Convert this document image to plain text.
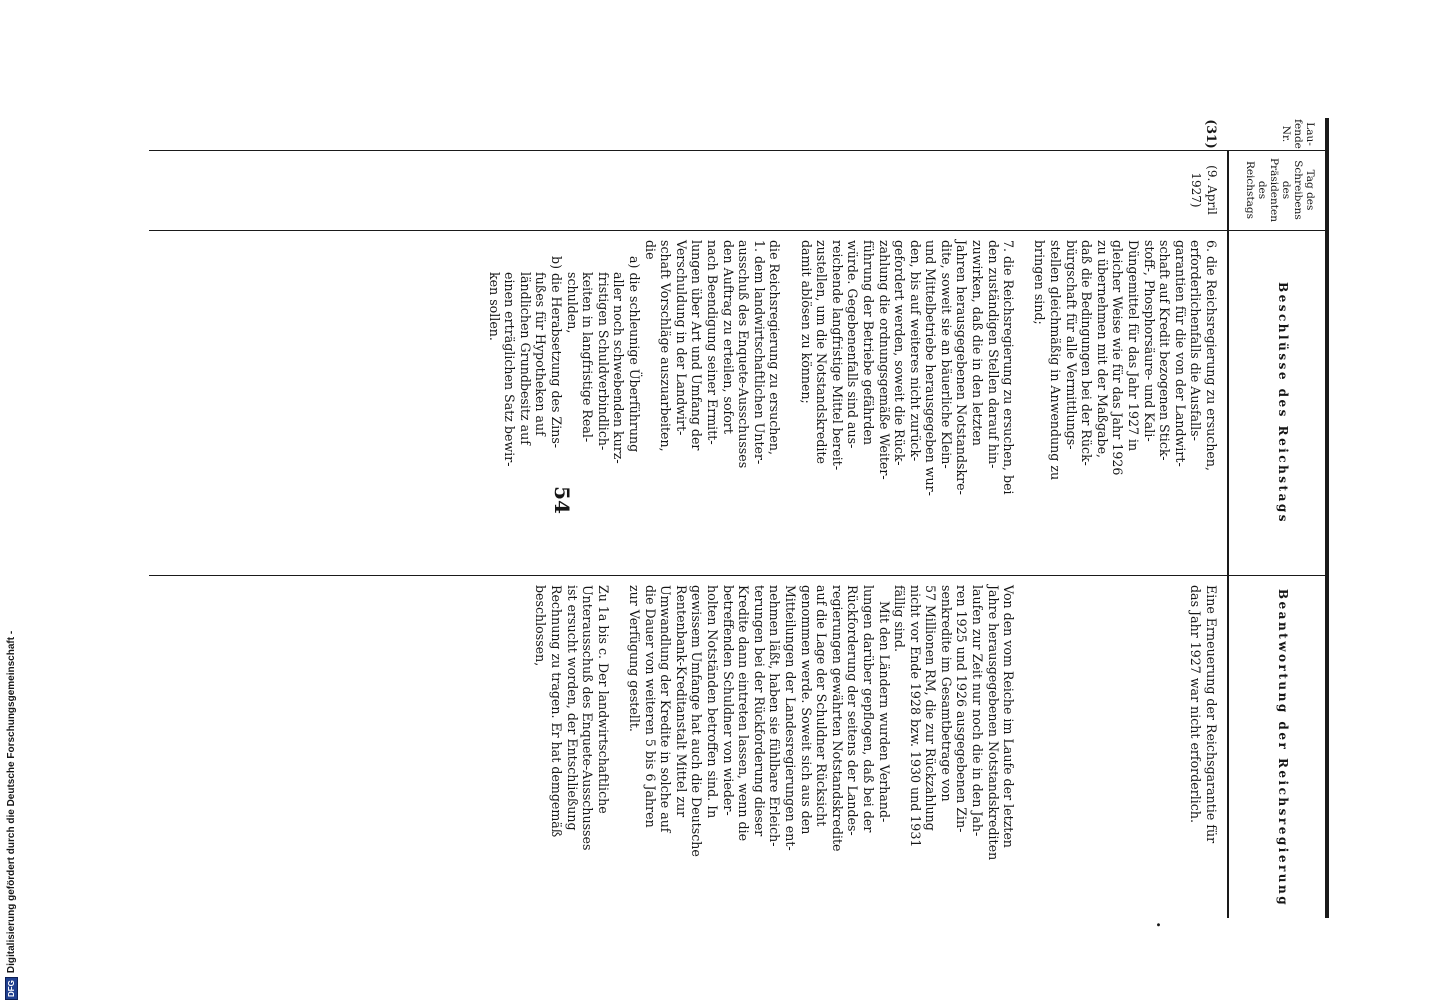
54
Lau-
fende
Nr.
Tag des
Schreibens
des
Präsidenten
des
Reichstags
Beschlüsse des Reichstags
Beantwortung der Reichsregierung
(31)
(9. April
1927)
6. die Reichsregierung zu ersuchen,
erforderlichenfalls die Ausfalls-
garantien für die von der Landwirt-
schaft auf Kredit bezogenen Stick-
stoff-, Phosphorsäure- und Kali-
Düngemittel für das Jahr 1927 in
gleicher Weise wie für das Jahr 1926
zu übernehmen mit der Maßgabe,
daß die Bedingungen bei der Rück-
bürgschaft für alle Vermittlungs-
stellen gleichmäßig in Anwendung zu
bringen sind;

7. die Reichsregierung zu ersuchen, bei
den zuständigen Stellen darauf hin-
zuwirken, daß die in den letzten
Jahren herausgegebenen Notstandskre-
dite, soweit sie an bäuerliche Klein-
und Mittelbetriebe herausgegeben wur-
den, bis auf weiteres nicht zurück-
gefordert werden, soweit die Rück-
zahlung die ordnungsgemäße Weiter-
führung der Betriebe gefährden
würde. Gegebenenfalls sind aus-
reichende langfristige Mittel bereit-
zustellen, um die Notstandskredite
damit ablösen zu können;

die Reichsregierung zu ersuchen,
1. dem landwirtschaftlichen Unter-
ausschuß des Enquete-Ausschusses
den Auftrag zu erteilen, sofort
nach Beendigung seiner Ermitt-
lungen über Art und Umfang der
Verschuldung in der Landwirt-
schaft Vorschläge auszuarbeiten,
die
a) die schleunige Überführung
aller noch schwebenden kurz-
fristigen Schuldverbindlich-
keiten in langfristige Real-
schulden,
b) die Herabsetzung des Zins-
fußes für Hypotheken auf
ländlichen Grundbesitz auf
einen erträglichen Satz bewir-
ken sollen.
Eine Erneuerung der Reichsgarantie für
das Jahr 1927 war nicht erforderlich.

Von den vom Reiche im Laufe der letzten
Jahre herausgegebenen Notstandskrediten
laufen zur Zeit nur noch die in den Jah-
ren 1925 und 1926 ausgegebenen Zin-
senkredite im Gesamtbetrage von
57 Millionen RM, die zur Rückzahlung
nicht vor Ende 1928 bzw. 1930 und 1931
fällig sind.
Mit den Ländern wurden Verhand-
lungen darüber gepflogen, daß bei der
Rückforderung der seitens der Landes-
regierungen gewährten Notstandskredite
auf die Lage der Schuldner Rücksicht
genommen werde. Soweit sich aus den
Mitteilungen der Landesregierungen ent-
nehmen läßt, haben sie fühlbare Erleich-
terungen bei der Rückforderung dieser
Kredite dann eintreten lassen, wenn die
betreffenden Schuldner von wieder-
holten Notständen betroffen sind. In
gewissem Umfange hat auch die Deutsche
Rentenbank-Kreditanstalt Mittel zur
Umwandlung der Kredite in solche auf
die Dauer von weiteren 5 bis 6 Jahren
zur Verfügung gestellt.

Zu 1a bis c. Der landwirtschaftliche
Unterausschuß des Enquete-Ausschusses
ist ersucht worden, der Entschließung
Rechnung zu tragen. Er hat demgemäß
beschlossen,
.
DFG
Digitalisierung gefördert durch die Deutsche Forschungsgemeinschaft -
